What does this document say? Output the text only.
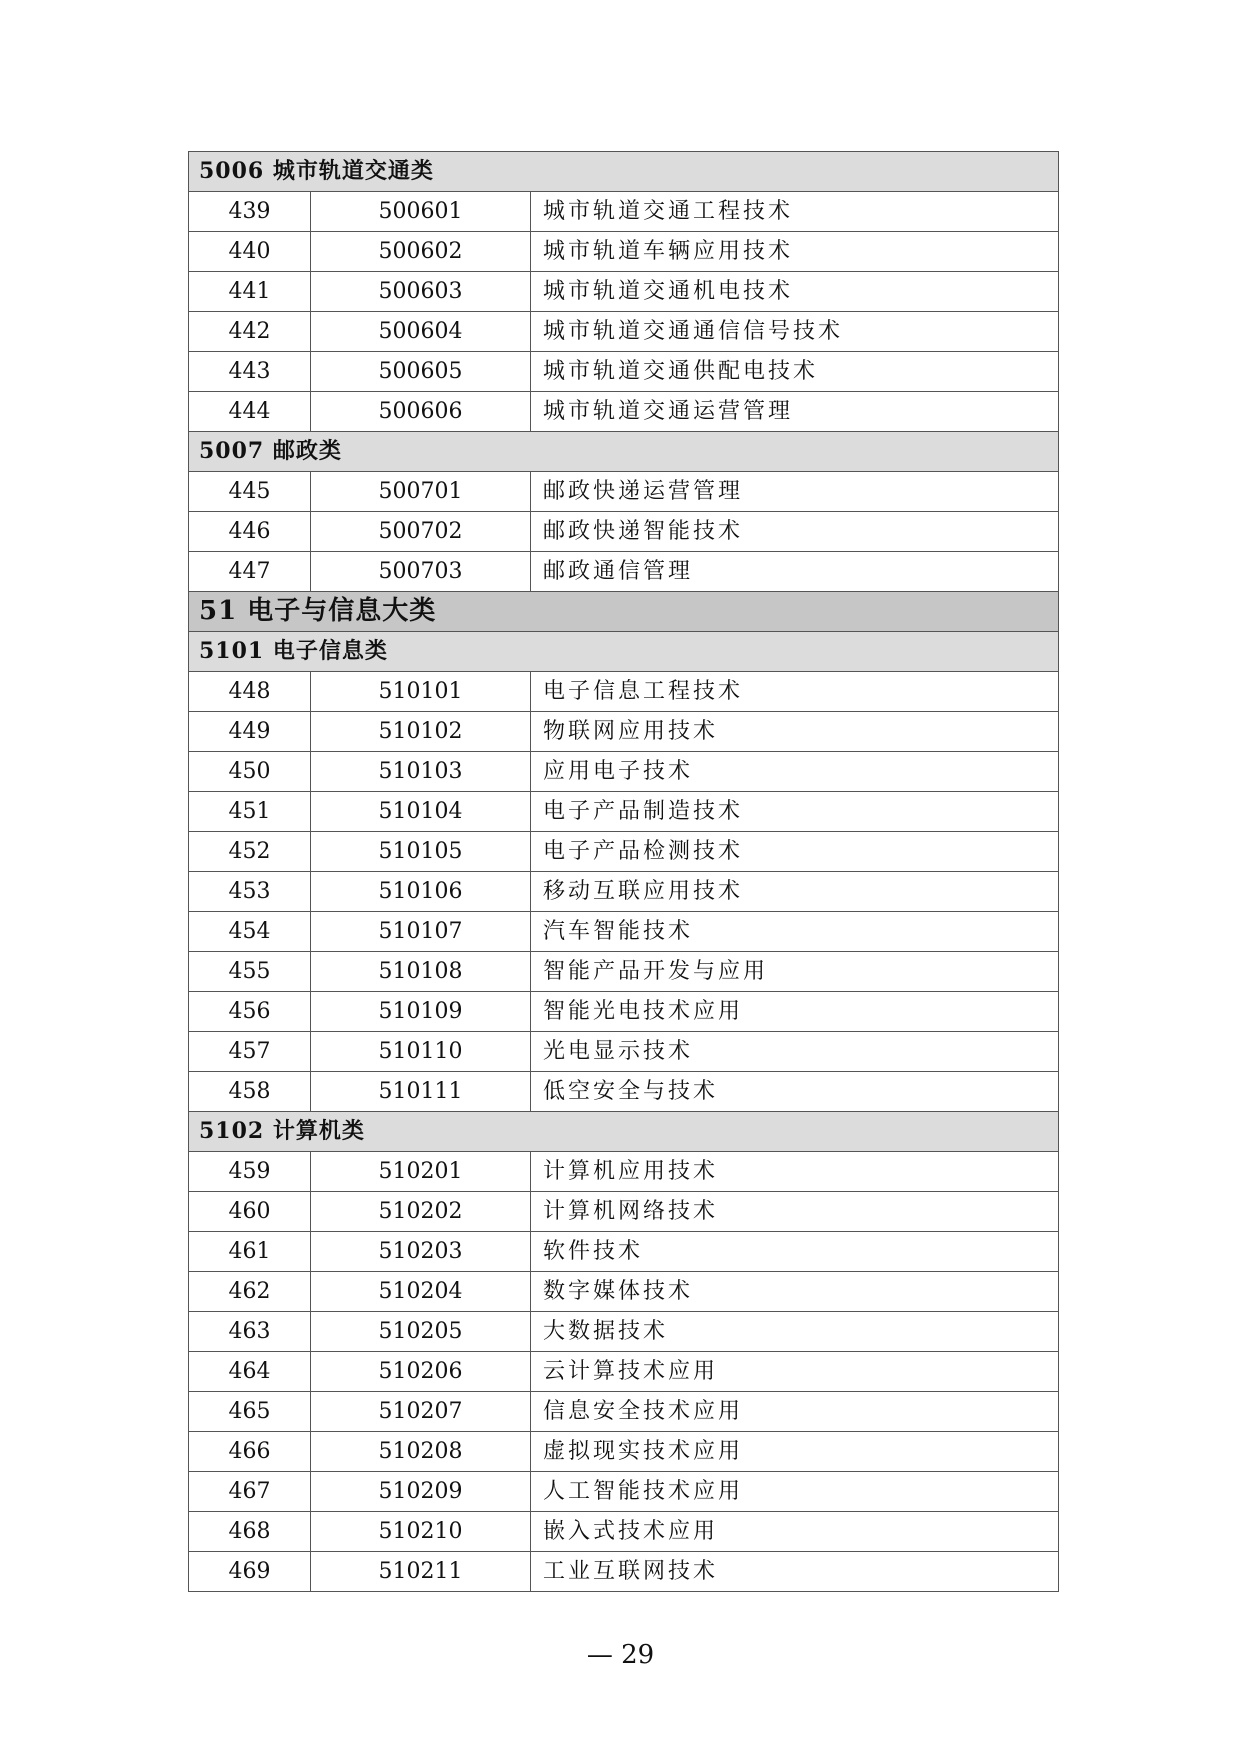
5006 城市轨道交通类		
439	500601	城市轨道交通工程技术
440	500602	城市轨道车辆应用技术
441	500603	城市轨道交通机电技术
442	500604	城市轨道交通通信信号技术
443	500605	城市轨道交通供配电技术
444	500606	城市轨道交通运营管理
5007 邮政类		
445	500701	邮政快递运营管理
446	500702	邮政快递智能技术
447	500703	邮政通信管理
51 电子与信息大类		
5101 电子信息类		
448	510101	电子信息工程技术
449	510102	物联网应用技术
450	510103	应用电子技术
451	510104	电子产品制造技术
452	510105	电子产品检测技术
453	510106	移动互联应用技术
454	510107	汽车智能技术
455	510108	智能产品开发与应用
456	510109	智能光电技术应用
457	510110	光电显示技术
458	510111	低空安全与技术
5102 计算机类		
459	510201	计算机应用技术
460	510202	计算机网络技术
461	510203	软件技术
462	510204	数字媒体技术
463	510205	大数据技术
464	510206	云计算技术应用
465	510207	信息安全技术应用
466	510208	虚拟现实技术应用
467	510209	人工智能技术应用
468	510210	嵌入式技术应用
469	510211	工业互联网技术
— 29
